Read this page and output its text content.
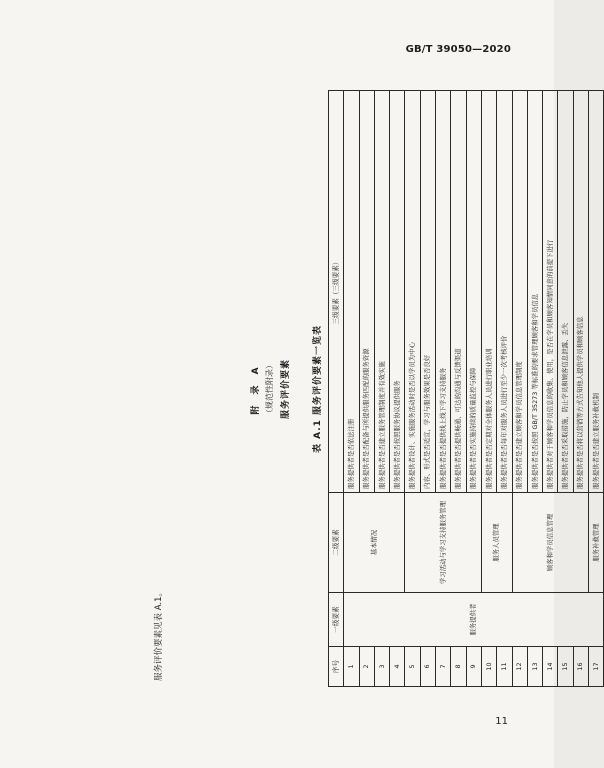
GB/T 39050—2020
服务评价要素见表 A.1。
附 录 A （规范性附录） 服务评价要素	表 A.1 服务评价要素一览表
序号	一级要素	二级要素	三级要素（三级要素）
1	服务提供者	基本情况	服务提供者是否依法注册
2			服务提供者是否配备与所提供服务匹配的服务资源
3			服务提供者是否建立服务管理制度并有效实施
4			服务提供者是否按照服务协议提供服务
5		学习活动与学习支持服务管理	服务提供者设计、实施服务活动时是否以学员为中心
6			内容、形式是否适宜，学习与服务效果是否良好
7			服务提供者是否提供线上线下学习支持服务
8			服务提供者是否提供畅通、可达的沟通与反馈渠道
9			服务提供者是否实施持续的质量监控与保障
10		服务人员管理	服务提供者是否定期对全体服务人员进行职业培训
11			服务提供者是否每年对服务人员进行至少一次考核评价
12		顾客和学员信息管理	服务提供者是否建立顾客和学员信息管理制度
13			服务提供者是否按照 GB/T 35273 等标准的要求管理顾客和学员信息
14			服务提供者对于顾客和学员信息的收集、使用，是否在学员和顾客知情同意的前提下进行
15			服务提供者是否采取措施，防止学员和顾客信息泄露、丢失
16			服务提供者是否将以营销等方式告知他人提供学员和顾客信息
17		服务补救管理	服务提供者是否建立服务补救机制
11
